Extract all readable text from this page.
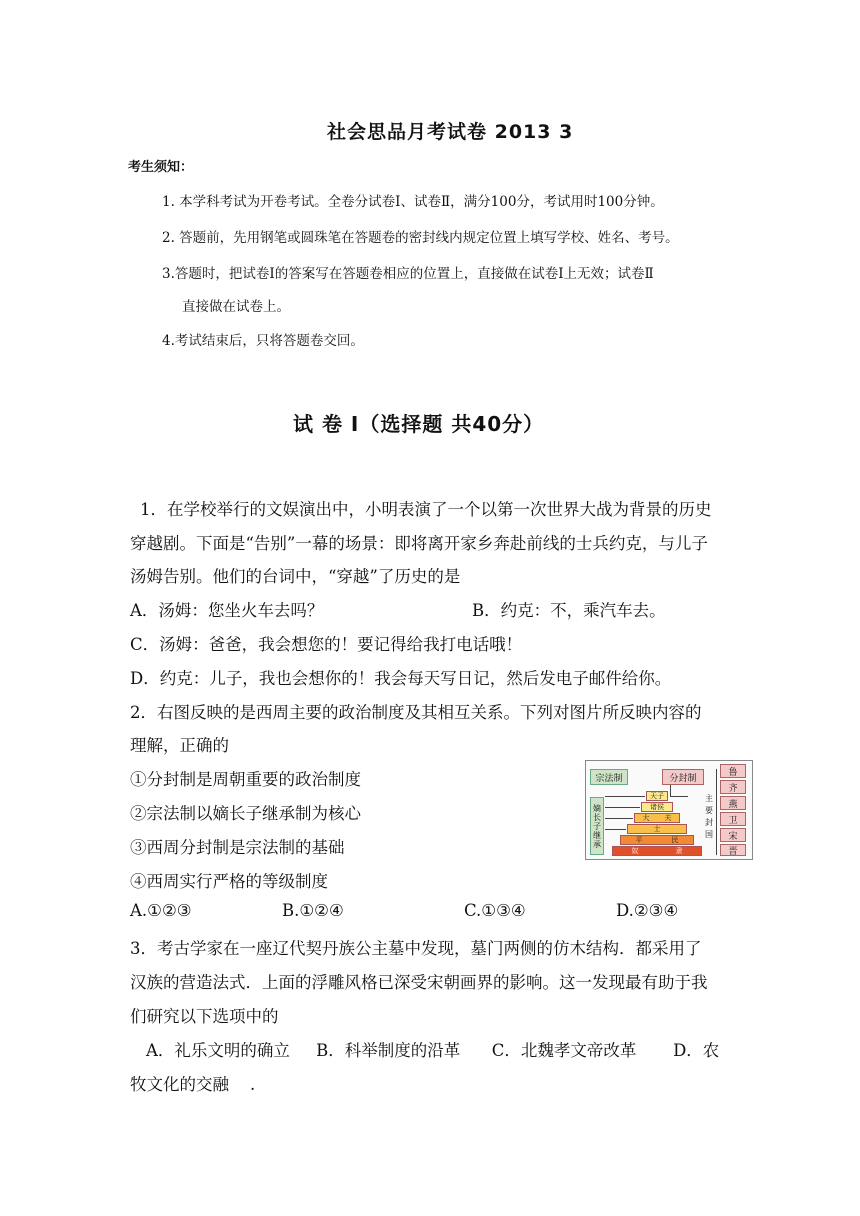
社会思品月考试卷 2013 3
考生须知：
1. 本学科考试为开卷考试。全卷分试卷Ⅰ、试卷Ⅱ，满分100分，考试用时100分钟。
2. 答题前，先用钢笔或圆珠笔在答题卷的密封线内规定位置上填写学校、姓名、考号。
3.答题时，把试卷Ⅰ的答案写在答题卷相应的位置上，直接做在试卷Ⅰ上无效；试卷Ⅱ
直接做在试卷上。
4.考试结束后，只将答题卷交回。
试 卷 Ⅰ（选择题 共40分）
1．在学校举行的文娱演出中，小明表演了一个以第一次世界大战为背景的历史
穿越剧。下面是“告别”一幕的场景：即将离开家乡奔赴前线的士兵约克，与儿子
汤姆告别。他们的台词中，“穿越”了历史的是
A．汤姆：您坐火车去吗？	B．约克：不，乘汽车去。
C．汤姆：爸爸，我会想您的！要记得给我打电话哦！
D．约克：儿子，我也会想你的！我会每天写日记，然后发电子邮件给你。
2．右图反映的是西周主要的政治制度及其相互关系。下列对图片所反映内容的
理解，正确的
①分封制是周朝重要的政治制度
②宗法制以嫡长子继承制为核心
③西周分封制是宗法制的基础
④西周实行严格的等级制度
A.①②③	B.①②④	C.①③④	D.②③④
宗法制	分封制
嫡长子继承
天子
诸侯
大 夫
士
平	民
奴	隶
主要封国
鲁
齐
燕
卫
宋
晋
3．考古学家在一座辽代契丹族公主墓中发现，墓门两侧的仿木结构．都采用了
汉族的营造法式．上面的浮雕风格已深受宋朝画界的影响。这一发现最有助于我
们研究以下选项中的
A．礼乐文明的确立     B．科举制度的沿革      C．北魏孝文帝改革       D．农
牧文化的交融    .
